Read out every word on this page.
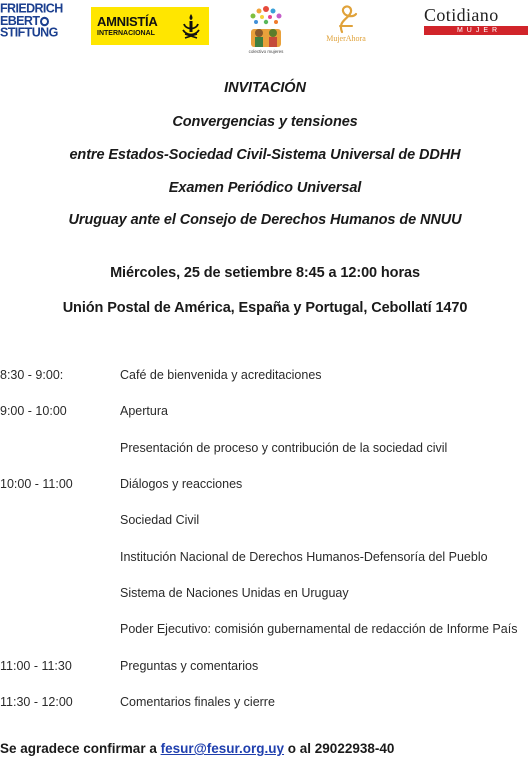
FRIEDRICH
EBERT
STIFTUNG
AMNISTÍA
INTERNACIONAL
colectivo mujeres
MujerAhora
Cotidiano
MUJER
INVITACIÓN
Convergencias y tensiones
entre Estados-Sociedad Civil-Sistema Universal de DDHH
Examen Periódico Universal
Uruguay ante el Consejo de Derechos Humanos de NNUU
Miércoles, 25 de setiembre 8:45 a 12:00 horas
Unión Postal de América, España y Portugal, Cebollatí 1470
8:30 - 9:00:	Café de bienvenida y acreditaciones
9:00 - 10:00	Apertura
Presentación de proceso y contribución de la sociedad civil
10:00 - 11:00	Diálogos y reacciones
Sociedad Civil
Institución Nacional de Derechos Humanos-Defensoría del Pueblo
Sistema de Naciones Unidas en Uruguay
Poder Ejecutivo: comisión gubernamental de redacción de Informe País
11:00 - 11:30	Preguntas y comentarios
11:30 - 12:00	Comentarios finales y cierre
Se agradece confirmar a fesur@fesur.org.uy o al 29022938-40
